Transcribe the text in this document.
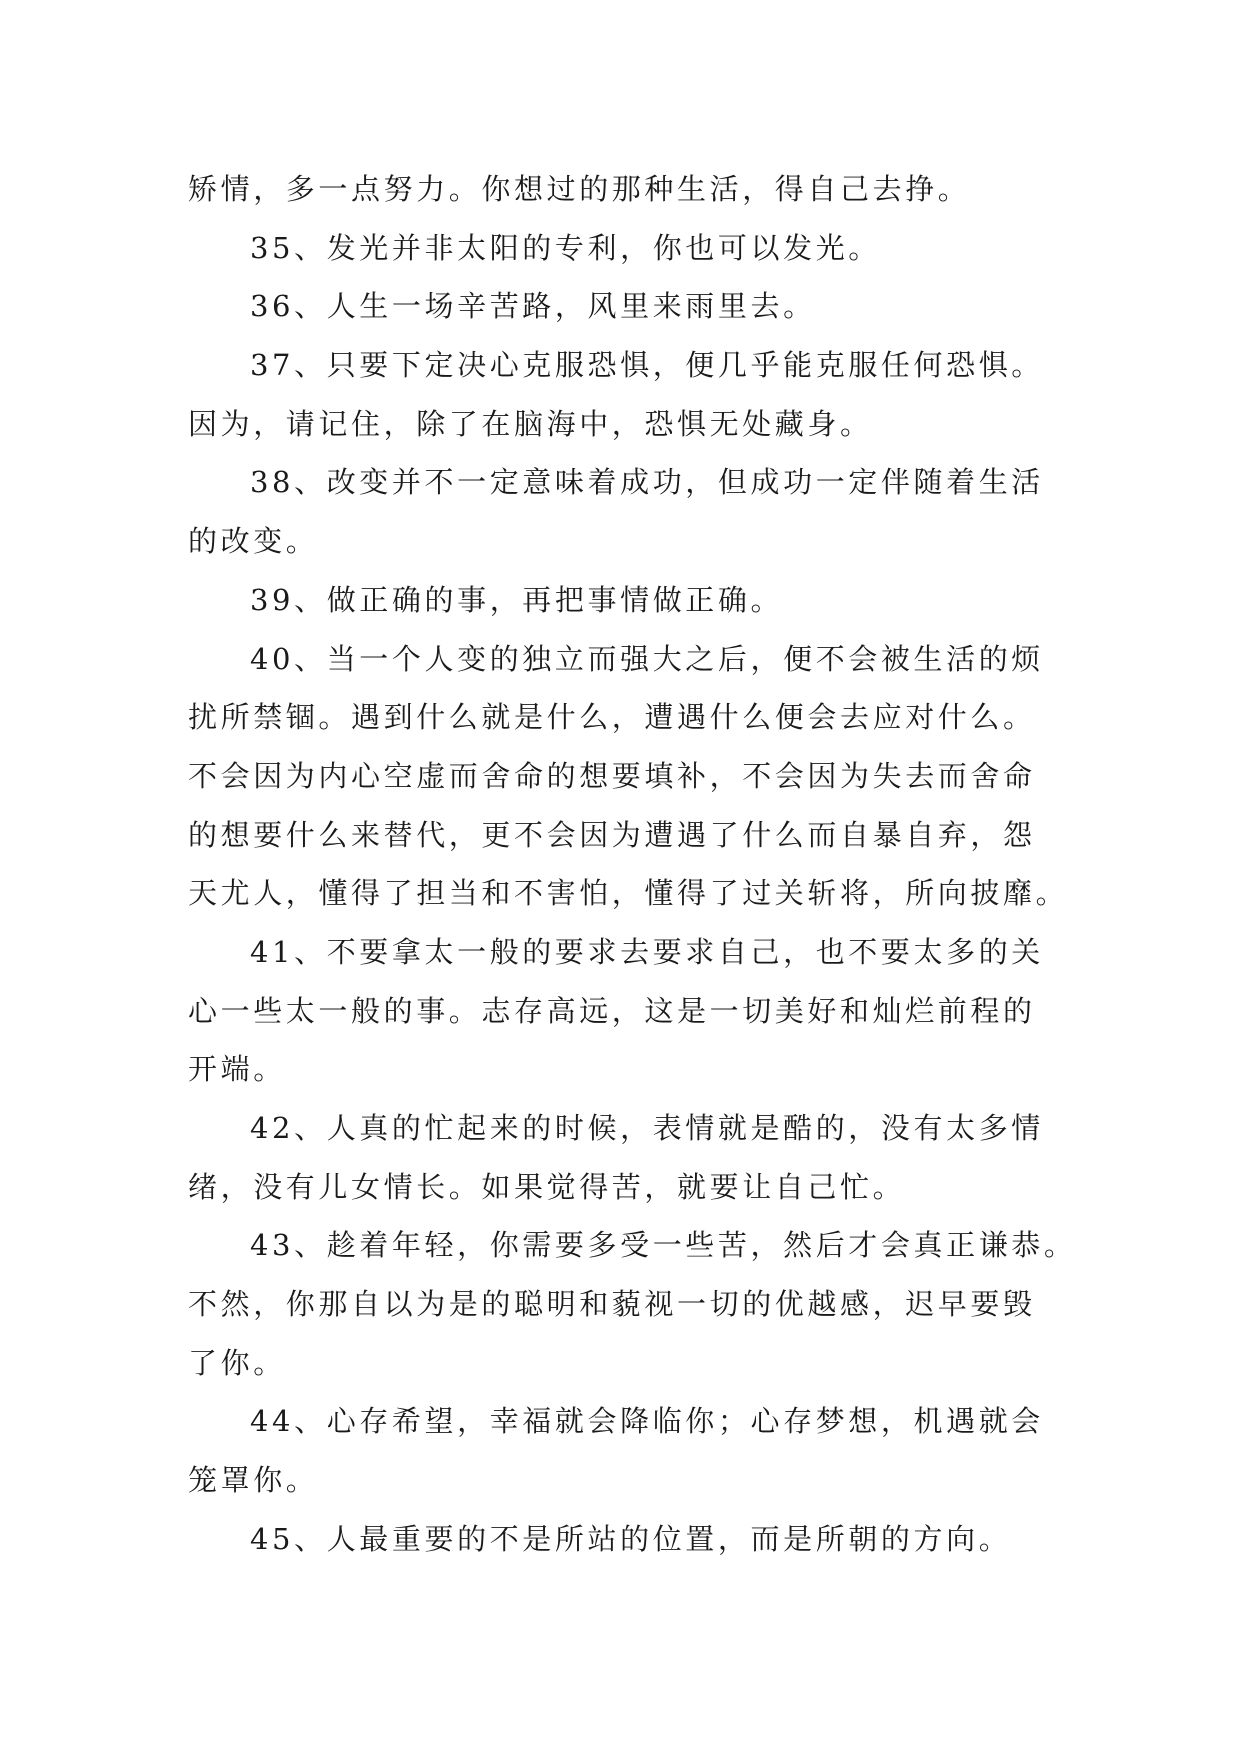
矫情，多一点努力。你想过的那种生活，得自己去挣。
35、发光并非太阳的专利，你也可以发光。
36、人生一场辛苦路，风里来雨里去。
37、只要下定决心克服恐惧，便几乎能克服任何恐惧。
因为，请记住，除了在脑海中，恐惧无处藏身。
38、改变并不一定意味着成功，但成功一定伴随着生活
的改变。
39、做正确的事，再把事情做正确。
40、当一个人变的独立而强大之后，便不会被生活的烦
扰所禁锢。遇到什么就是什么，遭遇什么便会去应对什么。
不会因为内心空虚而舍命的想要填补，不会因为失去而舍命
的想要什么来替代，更不会因为遭遇了什么而自暴自弃，怨
天尤人，懂得了担当和不害怕，懂得了过关斩将，所向披靡。
41、不要拿太一般的要求去要求自己，也不要太多的关
心一些太一般的事。志存高远，这是一切美好和灿烂前程的
开端。
42、人真的忙起来的时候，表情就是酷的，没有太多情
绪，没有儿女情长。如果觉得苦，就要让自己忙。
43、趁着年轻，你需要多受一些苦，然后才会真正谦恭。
不然，你那自以为是的聪明和藐视一切的优越感，迟早要毁
了你。
44、心存希望，幸福就会降临你；心存梦想，机遇就会
笼罩你。
45、人最重要的不是所站的位置，而是所朝的方向。
